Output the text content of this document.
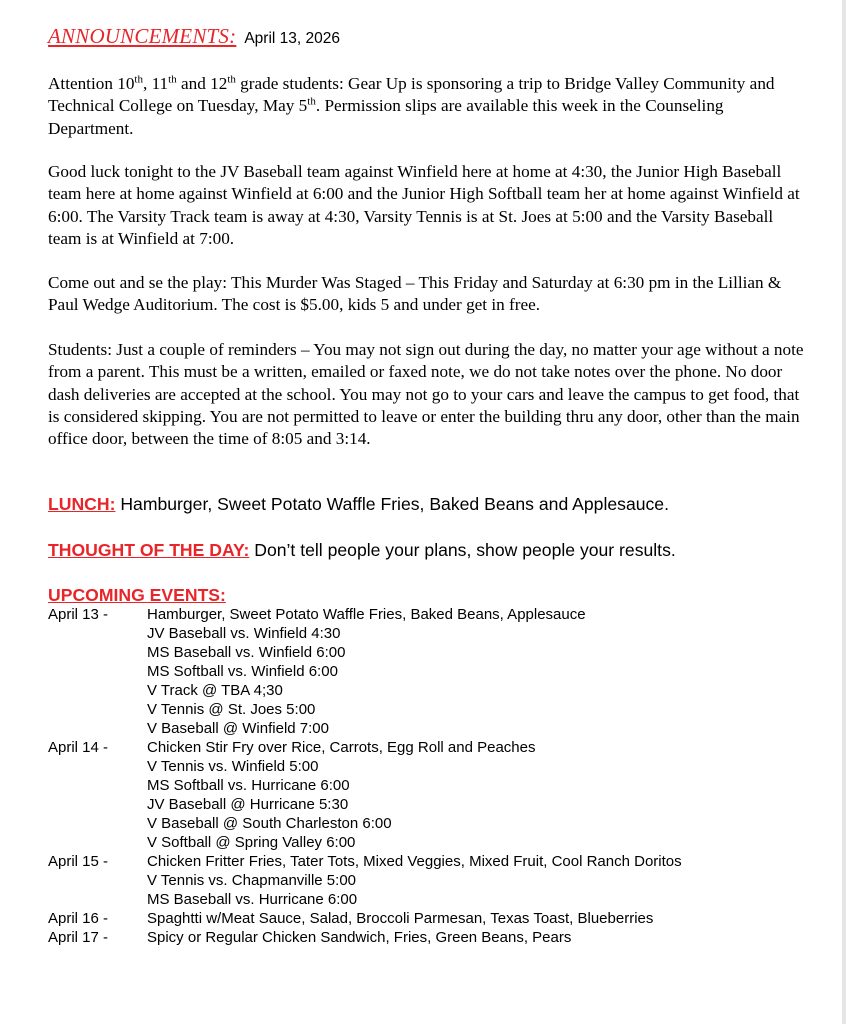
ANNOUNCEMENTS: April 13, 2026
Attention 10th, 11th and 12th grade students: Gear Up is sponsoring a trip to Bridge Valley Community and Technical College on Tuesday, May 5th. Permission slips are available this week in the Counseling Department.
Good luck tonight to the JV Baseball team against Winfield here at home at 4:30, the Junior High Baseball team here at home against Winfield at 6:00 and the Junior High Softball team her at home against Winfield at 6:00. The Varsity Track team is away at 4:30, Varsity Tennis is at St. Joes at 5:00 and the Varsity Baseball team is at Winfield at 7:00.
Come out and se the play: This Murder Was Staged – This Friday and Saturday at 6:30 pm in the Lillian & Paul Wedge Auditorium. The cost is $5.00, kids 5 and under get in free.
Students: Just a couple of reminders – You may not sign out during the day, no matter your age without a note from a parent. This must be a written, emailed or faxed note, we do not take notes over the phone. No door dash deliveries are accepted at the school. You may not go to your cars and leave the campus to get food, that is considered skipping. You are not permitted to leave or enter the building thru any door, other than the main office door, between the time of 8:05 and 3:14.
LUNCH: Hamburger, Sweet Potato Waffle Fries, Baked Beans and Applesauce.
THOUGHT OF THE DAY: Don’t tell people your plans, show people your results.
UPCOMING EVENTS:
April 13 -	Hamburger, Sweet Potato Waffle Fries, Baked Beans, Applesauce
JV Baseball vs. Winfield 4:30
MS Baseball vs. Winfield 6:00
MS Softball vs. Winfield 6:00
V Track @ TBA 4;30
V Tennis @ St. Joes 5:00
V Baseball @ Winfield 7:00
April 14 -	Chicken Stir Fry over Rice, Carrots, Egg Roll and Peaches
V Tennis vs. Winfield 5:00
MS Softball vs. Hurricane 6:00
JV Baseball @ Hurricane 5:30
V Baseball @ South Charleston 6:00
V Softball @ Spring Valley 6:00
April 15 -	Chicken Fritter Fries, Tater Tots, Mixed Veggies, Mixed Fruit, Cool Ranch Doritos
V Tennis vs. Chapmanville 5:00
MS Baseball vs. Hurricane 6:00
April 16 -	Spaghtti w/Meat Sauce, Salad, Broccoli Parmesan, Texas Toast, Blueberries
April 17 -	Spicy or Regular Chicken Sandwich, Fries, Green Beans, Pears
